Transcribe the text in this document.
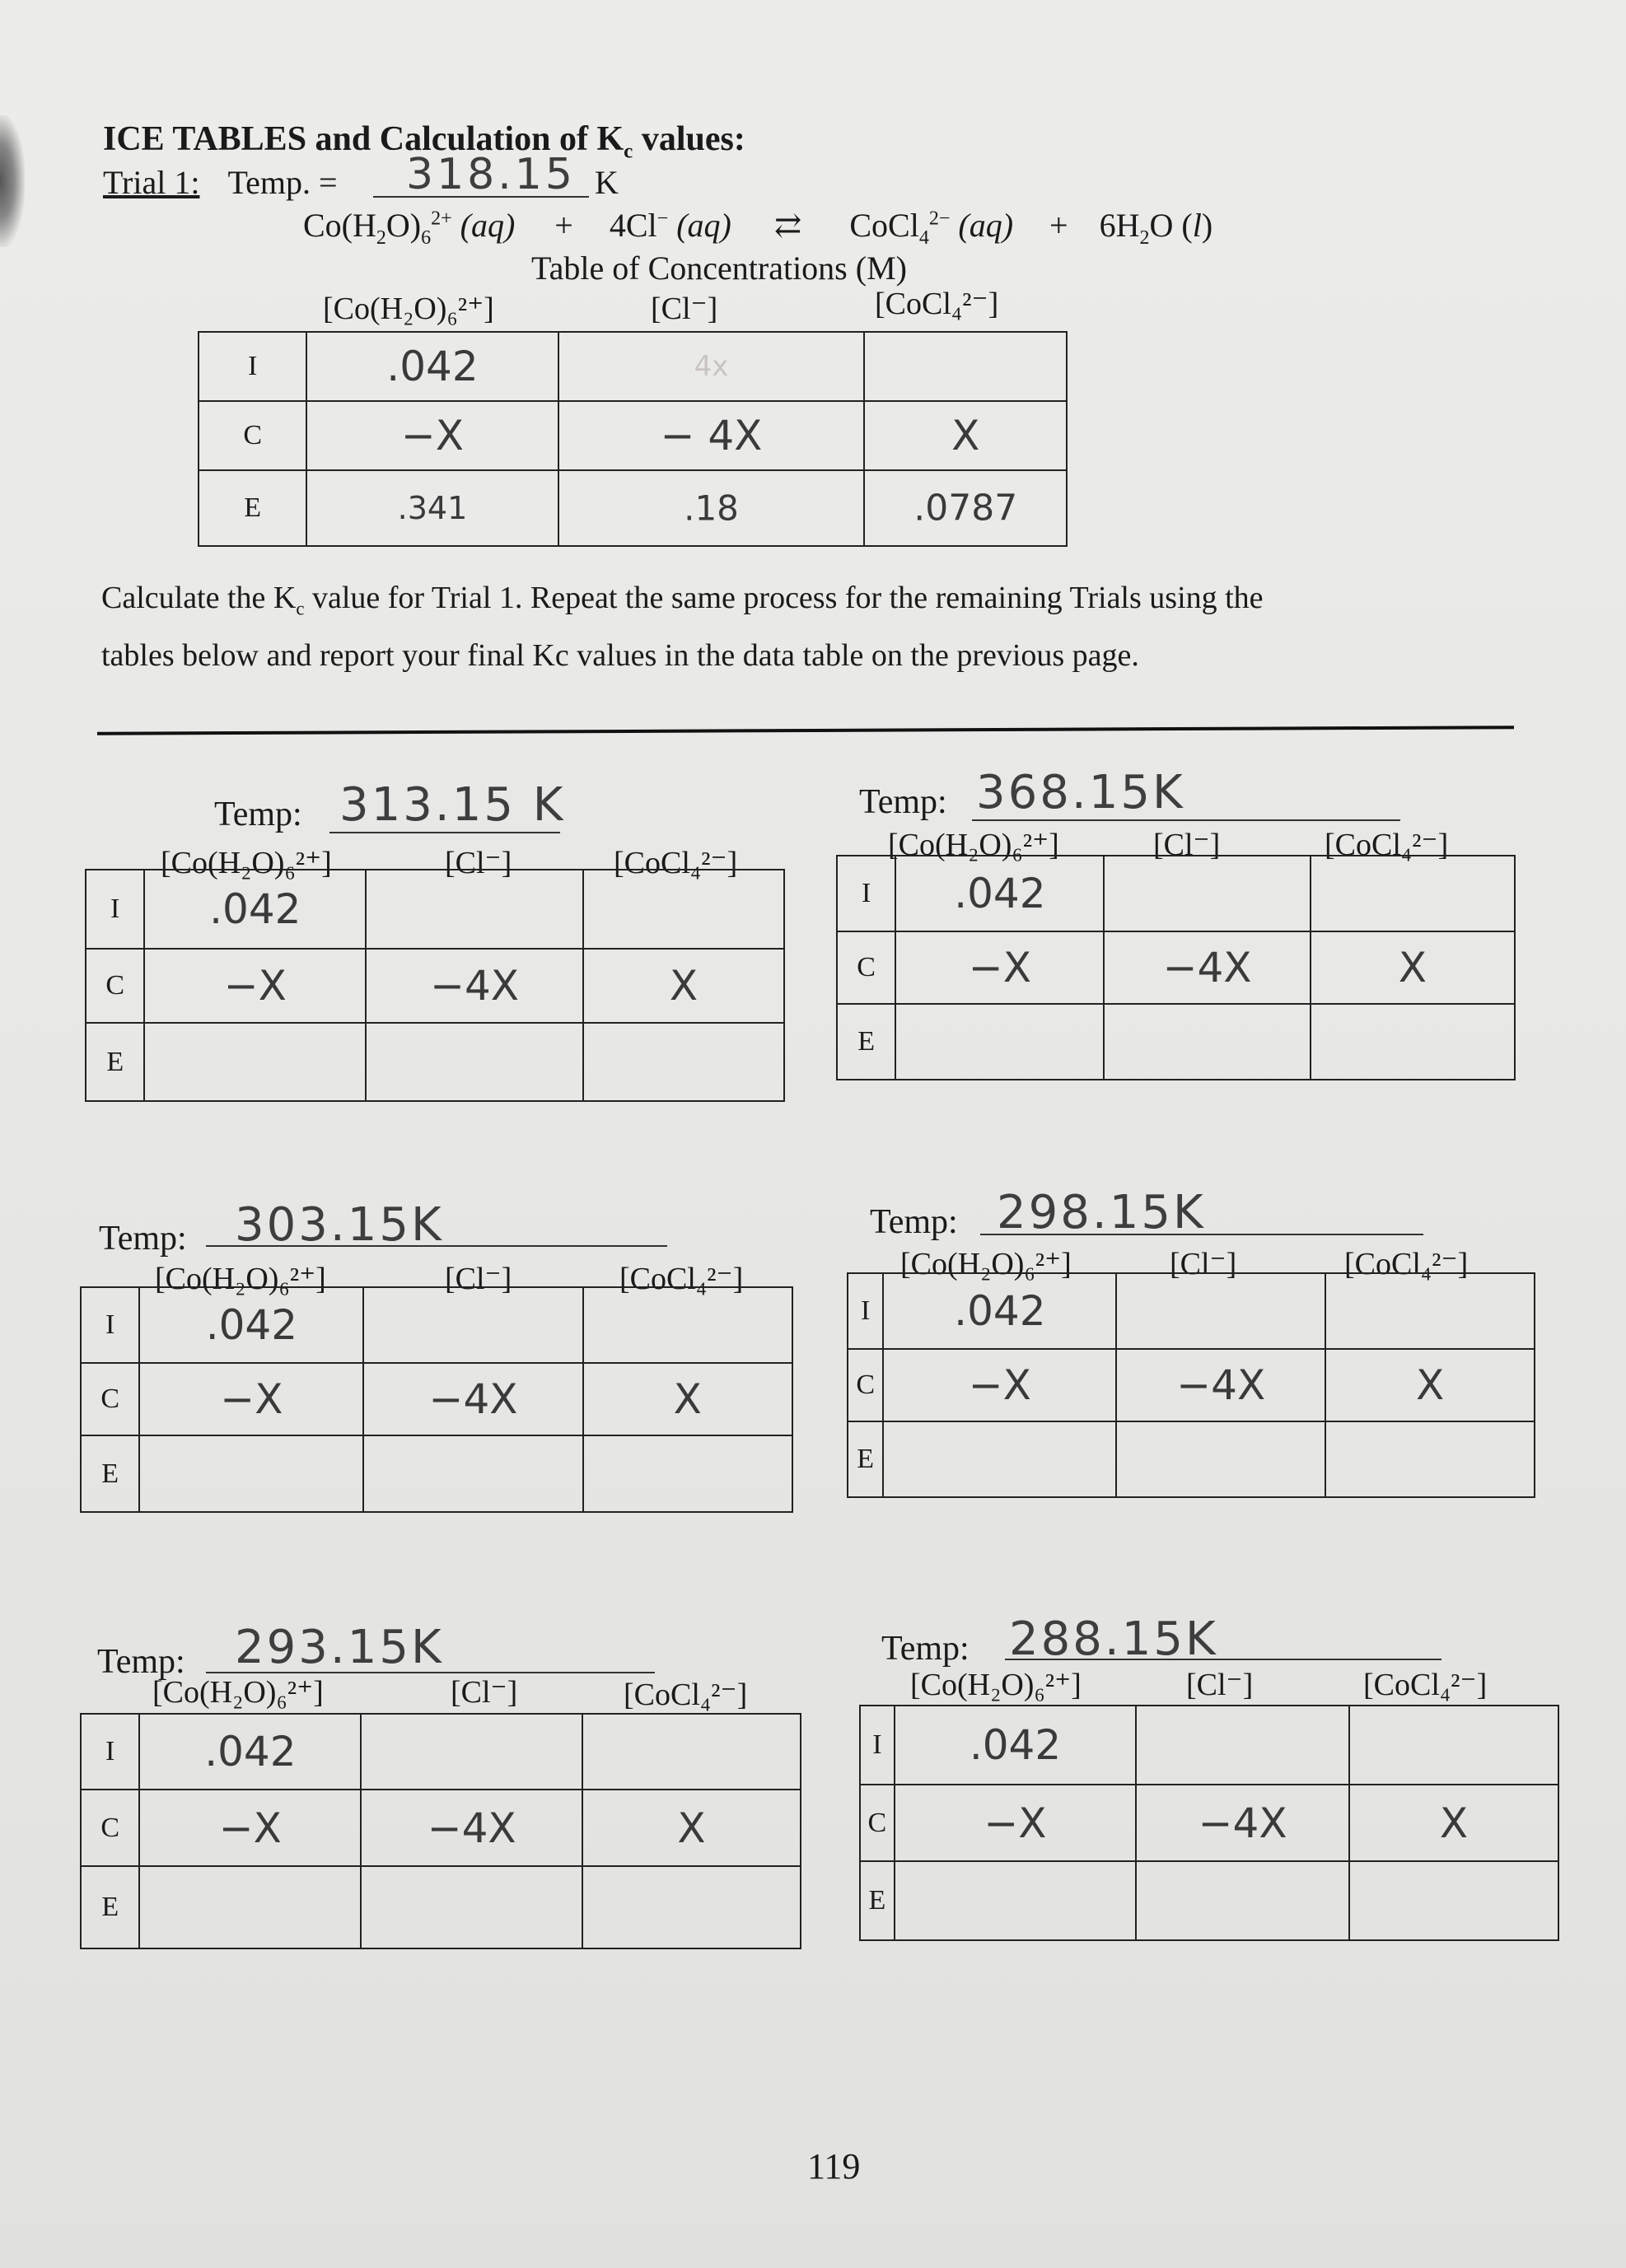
ICE TABLES and Calculation of $K_c$ values:
Trial 1: Temp. = 318.15 K
$Co(H_2O)_6^{2+}$ (aq) + 4Cl− (aq) ⇄ CoCl$_4^{2-}$ $(aq) + 6H_2O$ (l)
Table of Concentrations (M)
[Co(H₂O)₆²⁺]	[Cl⁻]	[CoCl₄²⁻]
I	.042	4x	

C	−X	− 4X	X

E	.341	.18	.0787
Calculate the $K_c$ value for Trial 1. Repeat the same process for the remaining Trials using the
tables below and report your final Kc values in the data table on the previous page.
Temp: 313.15 K
[Co(H₂O)₆²⁺]	[Cl⁻]	[CoCl₄²⁻]
I	.042		

C	−X	−4X	X

E	

Temp: 368.15K
[Co(H₂O)₆²⁺]	[Cl⁻]	[CoCl₄²⁻]
I	.042		

C	−X	−4X	X

E	

Temp: 303.15K
[Co(H₂O)₆²⁺]	[Cl⁻]	[CoCl₄²⁻]
I	.042		

C	−X	−4X	X

E	

Temp: 298.15K
[Co(H₂O)₆²⁺]	[Cl⁻]	[CoCl₄²⁻]
I	.042		

C	−X	−4X	X

E	

Temp: 293.15K
[Co(H₂O)₆²⁺]	[Cl⁻]	[CoCl₄²⁻]
I	.042		

C	−X	−4X	X

E	

Temp: 288.15K
[Co(H₂O)₆²⁺]	[Cl⁻]	[CoCl₄²⁻]
I	.042		

C	−X	−4X	X

E	

119
